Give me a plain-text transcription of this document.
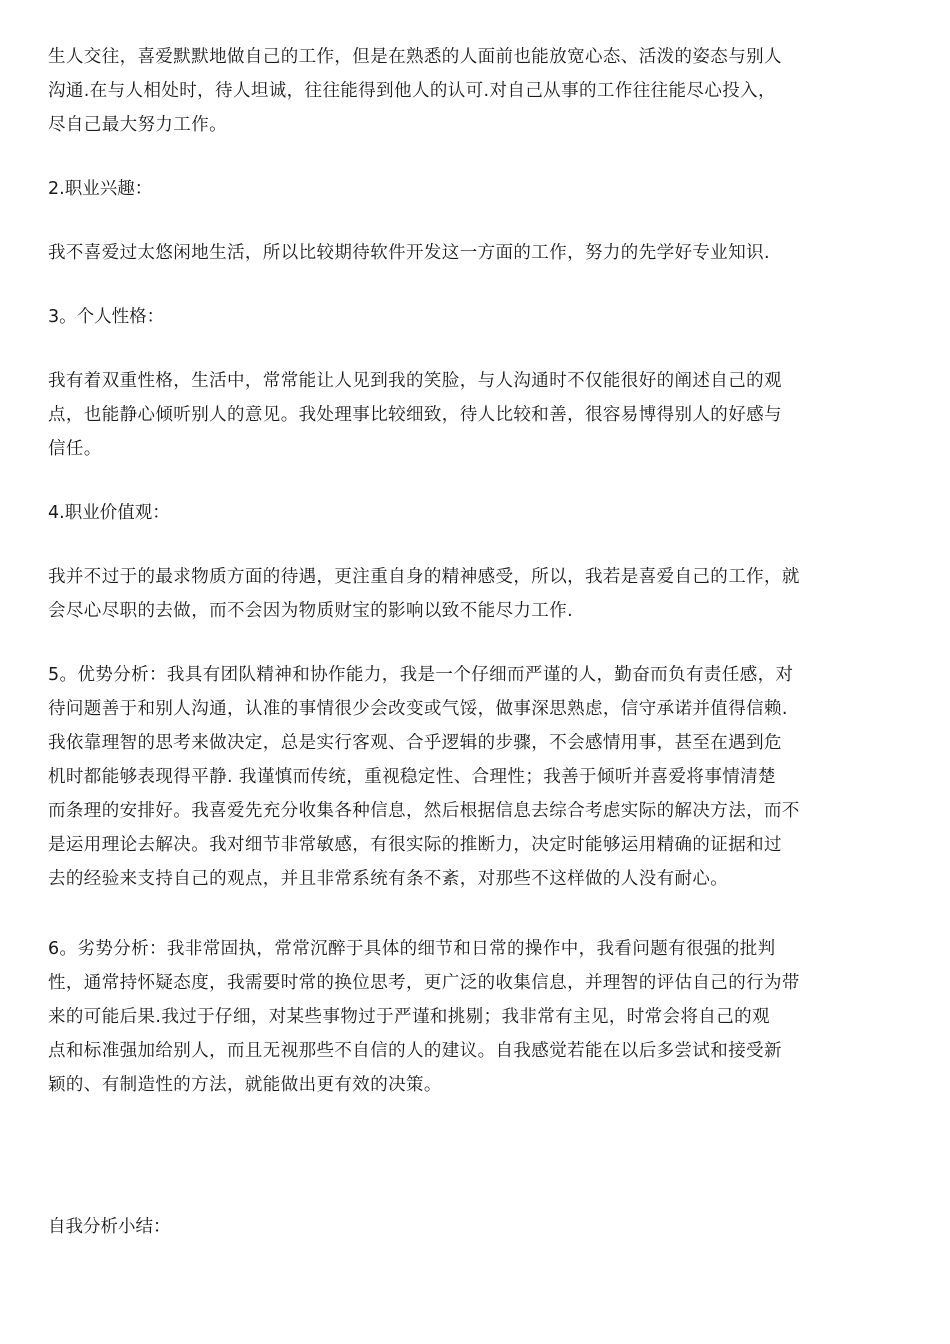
生人交往，喜爱默默地做自己的工作，但是在熟悉的人面前也能放宽心态、活泼的姿态与别人
沟通.在与人相处时，待人坦诚，往往能得到他人的认可.对自己从事的工作往往能尽心投入，
尽自己最大努力工作。
2.职业兴趣：
我不喜爱过太悠闲地生活，所以比较期待软件开发这一方面的工作，努力的先学好专业知识.
3。个人性格：
我有着双重性格，生活中，常常能让人见到我的笑脸，与人沟通时不仅能很好的阐述自己的观
点，也能静心倾听别人的意见。我处理事比较细致，待人比较和善，很容易博得别人的好感与
信任。
4.职业价值观：
我并不过于的最求物质方面的待遇，更注重自身的精神感受，所以，我若是喜爱自己的工作，就
会尽心尽职的去做，而不会因为物质财宝的影响以致不能尽力工作.
5。优势分析：我具有团队精神和协作能力，我是一个仔细而严谨的人，勤奋而负有责任感，对
待问题善于和别人沟通，认准的事情很少会改变或气馁，做事深思熟虑，信守承诺并值得信赖.
我依靠理智的思考来做决定，总是实行客观、合乎逻辑的步骤，不会感情用事，甚至在遇到危
机时都能够表现得平静. 我谨慎而传统，重视稳定性、合理性；我善于倾听并喜爱将事情清楚
而条理的安排好。我喜爱先充分收集各种信息，然后根据信息去综合考虑实际的解决方法，而不
是运用理论去解决。我对细节非常敏感，有很实际的推断力，决定时能够运用精确的证据和过
去的经验来支持自己的观点，并且非常系统有条不紊，对那些不这样做的人没有耐心。
6。劣势分析：我非常固执，常常沉醉于具体的细节和日常的操作中，我看问题有很强的批判
性，通常持怀疑态度，我需要时常的换位思考，更广泛的收集信息，并理智的评估自己的行为带
来的可能后果.我过于仔细，对某些事物过于严谨和挑剔；我非常有主见，时常会将自己的观
点和标准强加给别人，而且无视那些不自信的人的建议。自我感觉若能在以后多尝试和接受新
颖的、有制造性的方法，就能做出更有效的决策。
自我分析小结：
